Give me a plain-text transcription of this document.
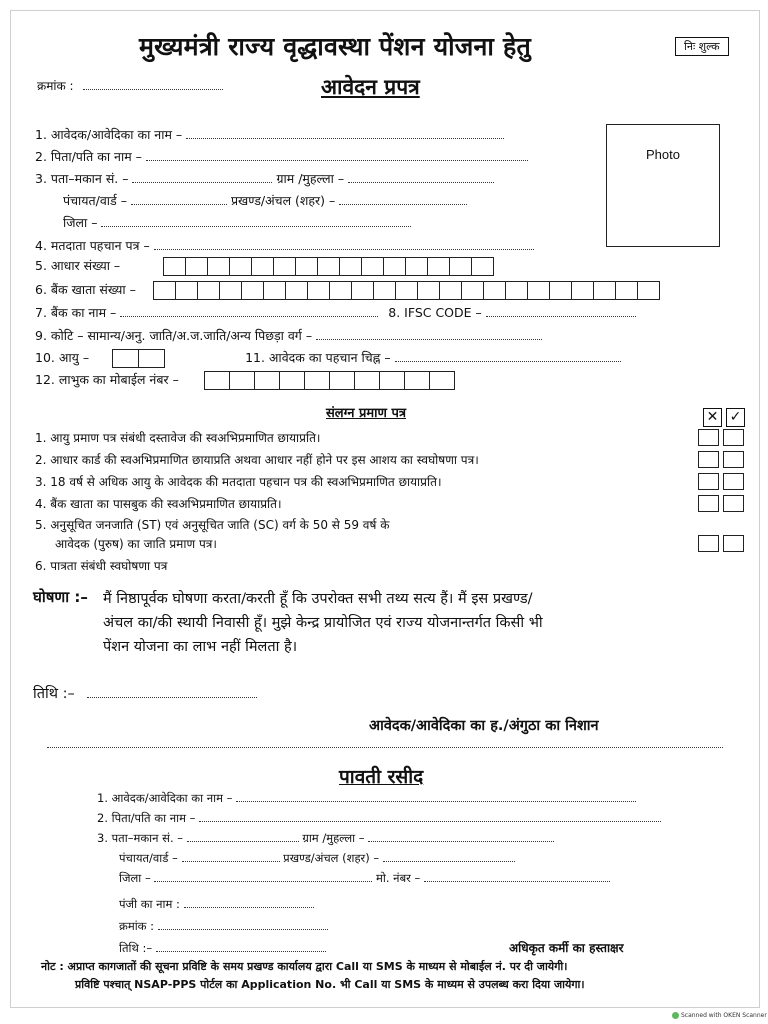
मुख्यमंत्री राज्य वृद्धावस्था पेंशन योजना हेतु	निः शुल्क
क्रमांक :	आवेदन प्रपत्र
Photo
1. आवेदक/आवेदिका का नाम –
2. पिता/पति का नाम –
3. पता–मकान सं. –	ग्राम /मुहल्ला –
पंचायत/वार्ड –	प्रखण्ड/अंचल (शहर) –
जिला –
4. मतदाता पहचान पत्र –
5. आधार संख्या –
6. बैंक खाता संख्या –
7. बैंक का नाम –	8. IFSC CODE –
9. कोटि – सामान्य/अनु. जाति/अ.ज.जाति/अन्य पिछड़ा वर्ग –
10. आयु –	11. आवेदक का पहचान चिह्न –
12. लाभुक का मोबाईल नंबर –
संलग्न प्रमाण पत्र	✕ ✓
1. आयु प्रमाण पत्र संबंधी दस्तावेज की स्वअभिप्रमाणित छायाप्रति।
2. आधार कार्ड की स्वअभिप्रमाणित छायाप्रति अथवा आधार नहीं होने पर इस आशय का स्वघोषणा पत्र।
3. 18 वर्ष से अधिक आयु के आवेदक की मतदाता पहचान पत्र की स्वअभिप्रमाणित छायाप्रति।
4. बैंक खाता का पासबुक की स्वअभिप्रमाणित छायाप्रति।
5. अनुसूचित जनजाति (ST) एवं अनुसूचित जाति (SC) वर्ग के 50 से 59 वर्ष के
आवेदक (पुरुष) का जाति प्रमाण पत्र।
6. पात्रता संबंधी स्वघोषणा पत्र
घोषणा :– मैं निष्ठापूर्वक घोषणा करता/करती हूँ कि उपरोक्त सभी तथ्य सत्य हैं। मैं इस प्रखण्ड/
अंचल का/की स्थायी निवासी हूँ। मुझे केन्द्र प्रायोजित एवं राज्य योजनान्तर्गत किसी भी
पेंशन योजना का लाभ नहीं मिलता है।
तिथि :–
आवेदक/आवेदिका का ह./अंगुठा का निशान
पावती रसीद
1. आवेदक/आवेदिका का नाम –
2. पिता/पति का नाम –
3. पता–मकान सं. –	ग्राम /मुहल्ला –
पंचायत/वार्ड –	प्रखण्ड/अंचल (शहर) –
जिला –	मो. नंबर –
पंजी का नाम :
क्रमांक :
तिथि :–	अधिकृत कर्मी का हस्ताक्षर
नोट : अप्राप्त कागजातों की सूचना प्रविष्टि के समय प्रखण्ड कार्यालय द्वारा Call या SMS के माध्यम से मोबाईल नं. पर दी जायेगी।
प्रविष्टि पश्चात् NSAP-PPS पोर्टल का Application No. भी Call या SMS के माध्यम से उपलब्ध करा दिया जायेगा।
Scanned with OKEN Scanner
